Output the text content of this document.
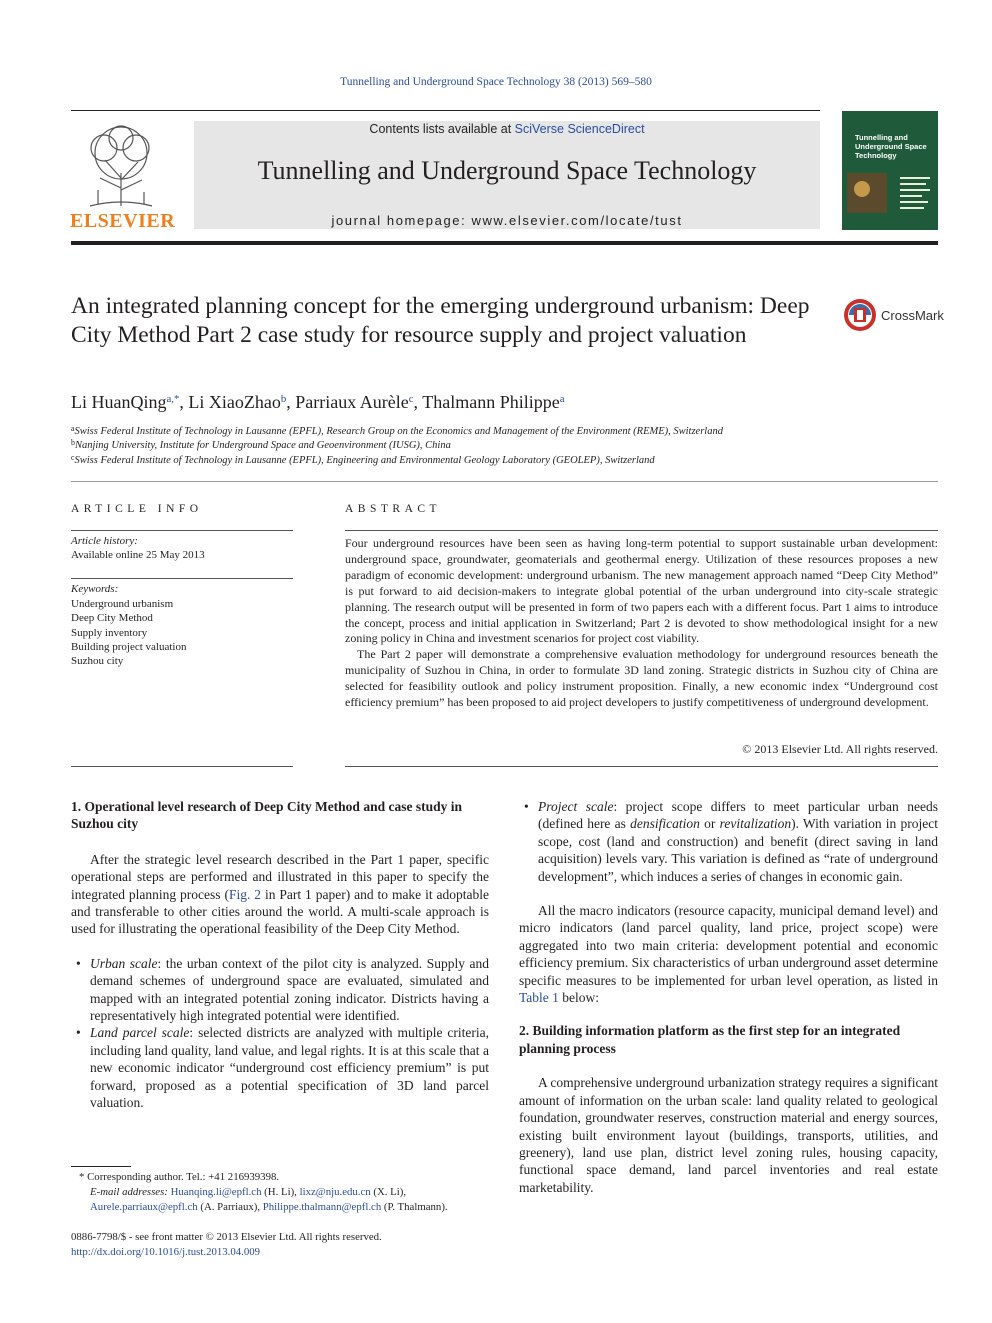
Tunnelling and Underground Space Technology 38 (2013) 569–580
ELSEVIER
Contents lists available at SciVerse ScienceDirect
Tunnelling and Underground Space Technology
journal homepage: www.elsevier.com/locate/tust
Tunnelling and Underground Space Technology
An integrated planning concept for the emerging underground urbanism: Deep City Method Part 2 case study for resource supply and project valuation
CrossMark
Li HuanQing$^{a,*}$, Li XiaoZhao$^b$, Parriaux Aurèle$^c$, Thalmann Philippe$^a$
$^a$Swiss Federal Institute of Technology in Lausanne (EPFL), Research Group on the Economics and Management of the Environment (REME), Switzerland
$^b$Nanjing University, Institute for Underground Space and Geoenvironment (IUSG), China
$^c$Swiss Federal Institute of Technology in Lausanne (EPFL), Engineering and Environmental Geology Laboratory (GEOLEP), Switzerland
ARTICLE INFO
Article history:
Available online 25 May 2013
Keywords:
Underground urbanism
Deep City Method
Supply inventory
Building project valuation
Suzhou city
ABSTRACT

Four underground resources have been seen as having long-term potential to support sustainable urban development: underground space, groundwater, geomaterials and geothermal energy. Utilization of these resources proposes a new paradigm of economic development: underground urbanism. The new management approach named “Deep City Method” is put forward to aid decision-makers to integrate global potential of the urban underground into city-scale strategic planning. The research output will be presented in form of two papers each with a different focus. Part 1 aims to introduce the concept, process and initial application in Switzerland; Part 2 is devoted to show methodological insight for a new zoning policy in China and investment scenarios for project cost viability.

The Part 2 paper will demonstrate a comprehensive evaluation methodology for underground resources beneath the municipality of Suzhou in China, in order to formulate 3D land zoning. Strategic districts in Suzhou city of China are selected for feasibility outlook and policy instrument proposition. Finally, a new economic index “Underground cost efficiency premium” has been proposed to aid project developers to justify competitiveness of underground development.

© 2013 Elsevier Ltd. All rights reserved.

1. Operational level research of Deep City Method and case study in Suzhou city

After the strategic level research described in the Part 1 paper, specific operational steps are performed and illustrated in this paper to specify the integrated planning process (Fig. 2 in Part 1 paper) and to make it adoptable and transferable to other cities around the world. A multi-scale approach is used for illustrating the operational feasibility of the Deep City Method.

• Urban scale: the urban context of the pilot city is analyzed. Supply and demand schemes of underground space are evaluated, simulated and mapped with an integrated potential zoning indicator. Districts having a representatively high integrated potential were identified.
• Land parcel scale: selected districts are analyzed with multiple criteria, including land quality, land value, and legal rights. It is at this scale that a new economic indicator “underground cost efficiency premium” is put forward, proposed as a potential specification of 3D land parcel valuation.
• Project scale: project scope differs to meet particular urban needs (defined here as densification or revitalization). With variation in project scope, cost (land and construction) and benefit (direct saving in land acquisition) levels vary. This variation is defined as “rate of underground development”, which induces a series of changes in economic gain.

All the macro indicators (resource capacity, municipal demand level) and micro indicators (land parcel quality, land price, project scope) were aggregated into two main criteria: development potential and economic efficiency premium. Six characteristics of urban underground asset determine specific measures to be implemented for urban level operation, as listed in Table 1 below:

2. Building information platform as the first step for an integrated planning process

A comprehensive underground urbanization strategy requires a significant amount of information on the urban scale: land quality related to geological foundation, groundwater reserves, construction material and energy sources, existing built environment layout (buildings, transports, utilities, and greenery), land use plan, district level zoning rules, housing capacity, functional space demand, land parcel inventories and real estate marketability.

* Corresponding author. Tel.: +41 216939398.
E-mail addresses: Huanqing.li@epfl.ch (H. Li), lixz@nju.edu.cn (X. Li), Aurele.parriaux@epfl.ch (A. Parriaux), Philippe.thalmann@epfl.ch (P. Thalmann).
0886-7798/$ - see front matter © 2013 Elsevier Ltd. All rights reserved.
http://dx.doi.org/10.1016/j.tust.2013.04.009
